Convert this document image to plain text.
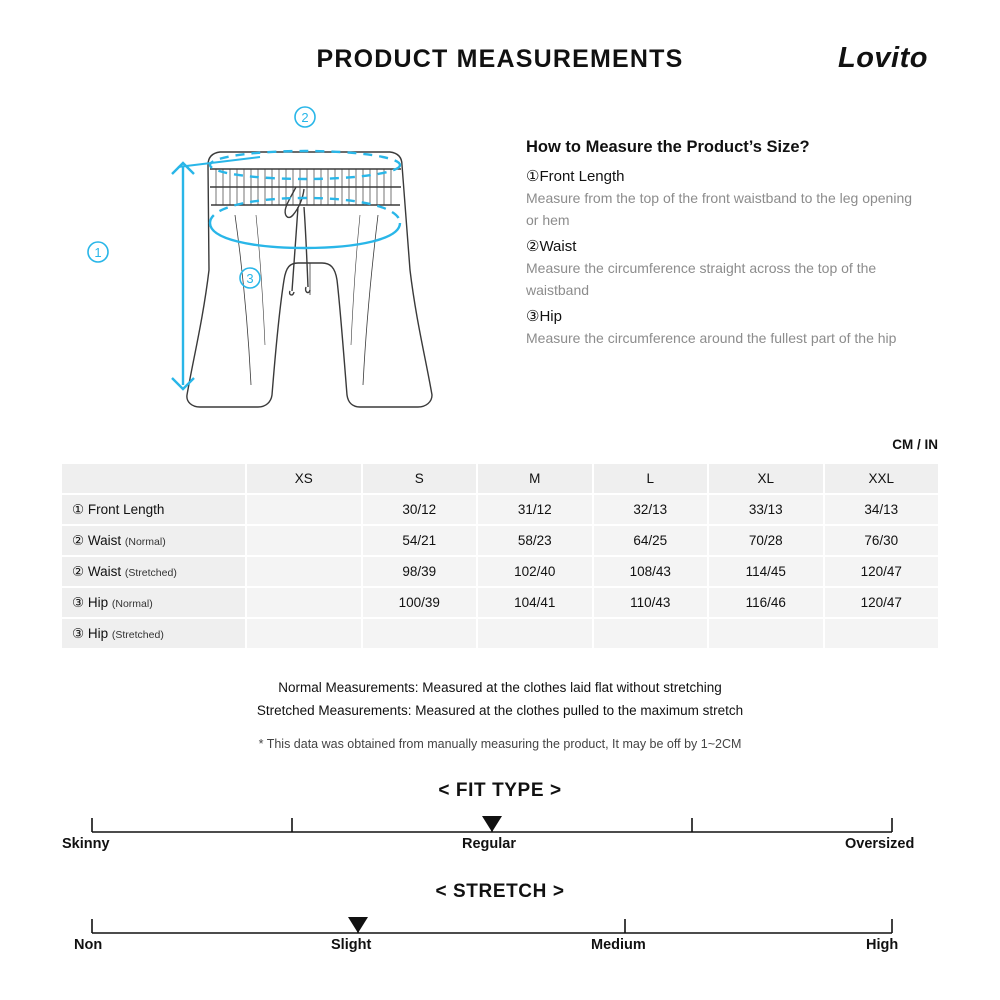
PRODUCT MEASUREMENTS	Lovito
2
1
3
How to Measure the Product’s Size?
①Front Length

Measure from the top of the front waistband to the leg opening or hem

②Waist

Measure the circumference straight across the top of the waistband

③Hip

Measure the circumference around the fullest part of the hip

CM / IN
	XS	S	M	L	XL	XXL
① Front Length		30/12	31/12	32/13	33/13	34/13
② Waist (Normal)		54/21	58/23	64/25	70/28	76/30
② Waist (Stretched)		98/39	102/40	108/43	114/45	120/47
③ Hip (Normal)		100/39	104/41	110/43	116/46	120/47
③ Hip (Stretched)						
Normal Measurements: Measured at the clothes laid flat without stretching
Stretched Measurements: Measured at the clothes pulled to the maximum stretch
* This data was obtained from manually measuring the product, It may be off by 1~2CM
< FIT TYPE >
Skinny	Regular	Oversized
< STRETCH >
Non	Slight	Medium	High
